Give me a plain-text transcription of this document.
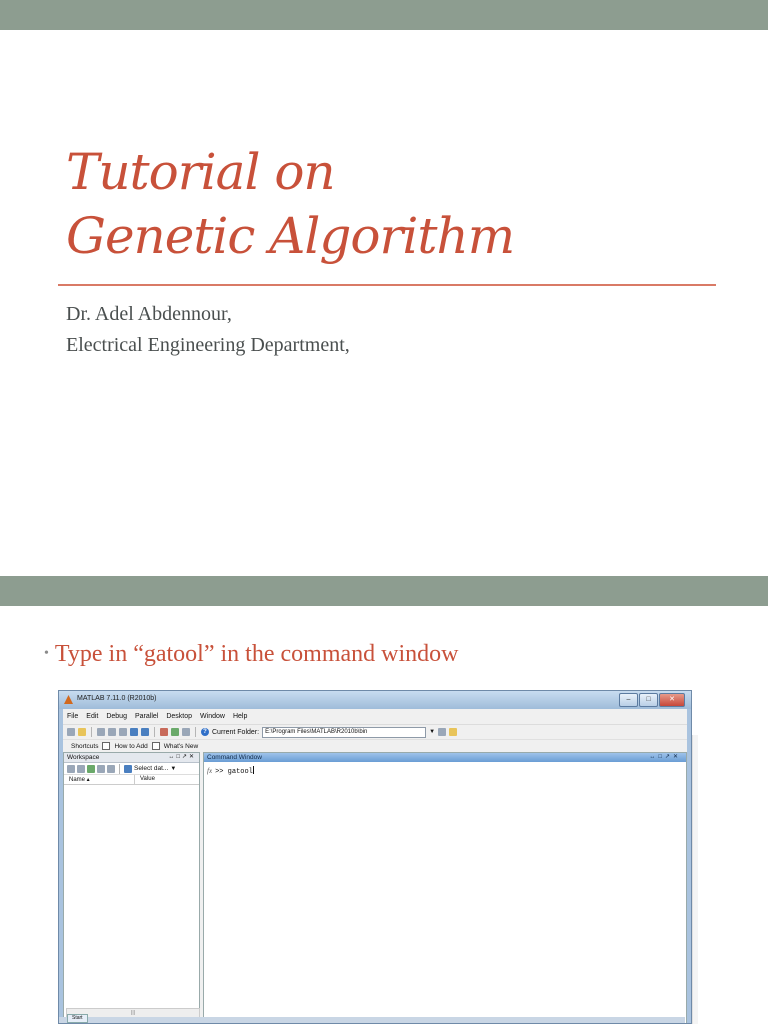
Tutorial on
Genetic Algorithm
Dr. Adel Abdennour,
Electrical Engineering Department,
• Type in “gatool” in the command window
MATLAB 7.11.0 (R2010b)	–	□	✕
File Edit Debug Parallel Desktop Window Help
? Current Folder:	E:\Program Files\MATLAB\R2010b\bin	▼
Shortcuts How to Add What's New
Workspace	↔□↗✕
Select dat... ▼
Name ▴	Value
|||
Command Window	↔□↗✕
fx >> gatool
Start
